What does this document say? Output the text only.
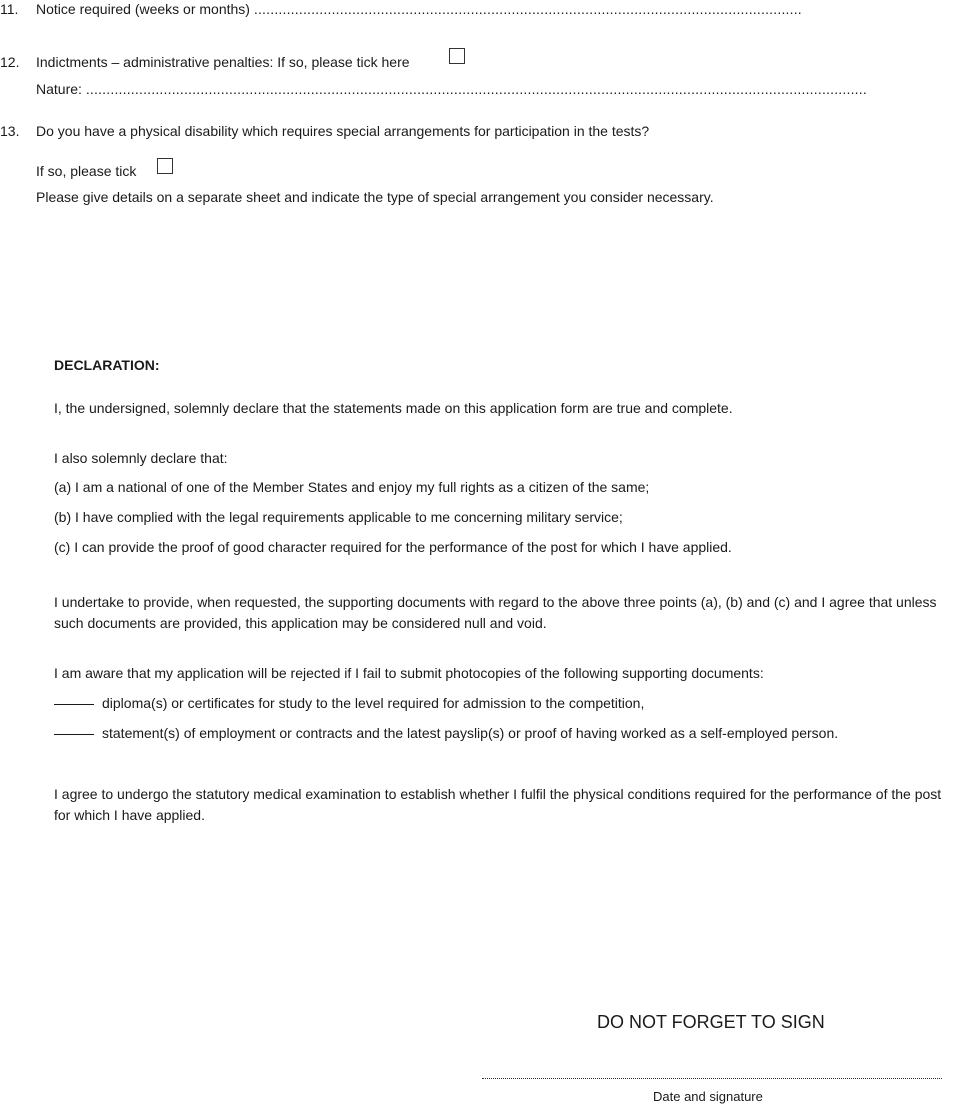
11. Notice required (weeks or months) ......................................................................................................................................
12. Indictments – administrative penalties: If so, please tick here
Nature: ...............................................................................................................................................................................................
13. Do you have a physical disability which requires special arrangements for participation in the tests?
If so, please tick
Please give details on a separate sheet and indicate the type of special arrangement you consider necessary.
DECLARATION:
I, the undersigned, solemnly declare that the statements made on this application form are true and complete.
I also solemnly declare that:
(a) I am a national of one of the Member States and enjoy my full rights as a citizen of the same;
(b) I have complied with the legal requirements applicable to me concerning military service;
(c) I can provide the proof of good character required for the performance of the post for which I have applied.
I undertake to provide, when requested, the supporting documents with regard to the above three points (a), (b) and (c) and I agree that unless such documents are provided, this application may be considered null and void.
I am aware that my application will be rejected if I fail to submit photocopies of the following supporting documents:
diploma(s) or certificates for study to the level required for admission to the competition,
statement(s) of employment or contracts and the latest payslip(s) or proof of having worked as a self-employed person.
I agree to undergo the statutory medical examination to establish whether I fulfil the physical conditions required for the performance of the post for which I have applied.
DO NOT FORGET TO SIGN
Date and signature
